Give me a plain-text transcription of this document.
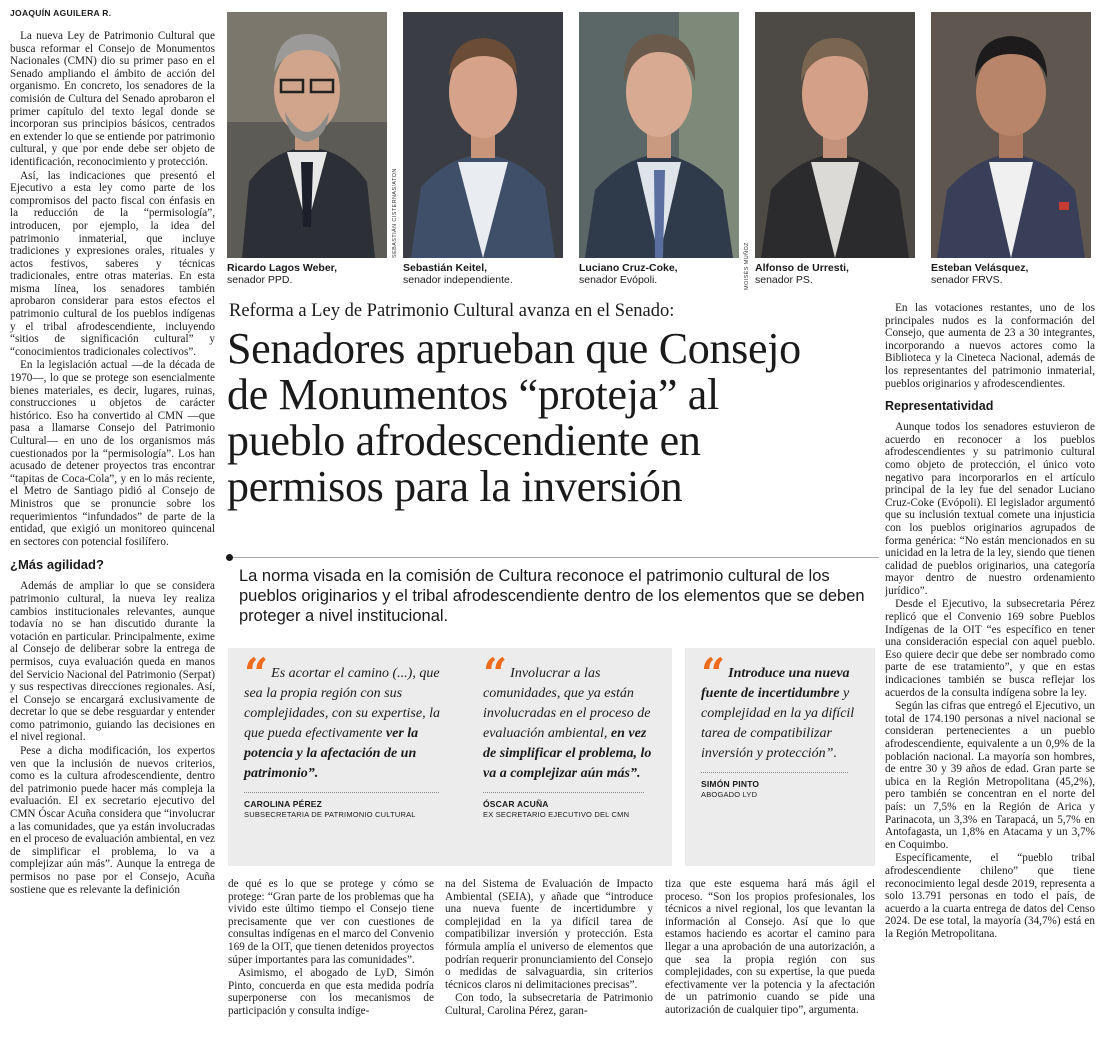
JOAQUÍN AGUILERA R.

La nueva Ley de Patrimonio Cultural que busca reformar el Consejo de Monumentos Nacionales (CMN) dio su primer paso en el Senado ampliando el ámbito de acción del organismo. En concreto, los senadores de la comisión de Cultura del Senado aprobaron el primer capítulo del texto legal donde se incorporan sus principios básicos, centrados en extender lo que se entiende por patrimonio cultural, y que por ende debe ser objeto de identificación, reconocimiento y protección.

Así, las indicaciones que presentó el Ejecutivo a esta ley como parte de los compromisos del pacto fiscal con énfasis en la reducción de la “permisología”, introducen, por ejemplo, la idea del patrimonio inmaterial, que incluye tradiciones y expresiones orales, rituales y actos festivos, saberes y técnicas tradicionales, entre otras materias. En esta misma línea, los senadores también aprobaron considerar para estos efectos el patrimonio cultural de los pueblos indígenas y el tribal afrodescendiente, incluyendo “sitios de significación cultural” y “conocimientos tradicionales colectivos”.

En la legislación actual —de la década de 1970—, lo que se protege son esencialmente bienes materiales, es decir, lugares, ruinas, construcciones u objetos de carácter histórico. Eso ha convertido al CMN —que pasa a llamarse Consejo del Patrimonio Cultural— en uno de los organismos más cuestionados por la “permisología”. Los han acusado de detener proyectos tras encontrar “tapitas de Coca-Cola”, y en lo más reciente, el Metro de Santiago pidió al Consejo de Ministros que se pronuncie sobre los requerimientos “infundados” de parte de la entidad, que exigió un monitoreo quincenal en sectores con potencial fosilífero.

¿Más agilidad?

Además de ampliar lo que se considera patrimonio cultural, la nueva ley realiza cambios institucionales relevantes, aunque todavía no se han discutido durante la votación en particular. Principalmente, exime al Consejo de deliberar sobre la entrega de permisos, cuya evaluación queda en manos del Servicio Nacional del Patrimonio (Serpat) y sus respectivas direcciones regionales. Así, el Consejo se encargará exclusivamente de decretar lo que se debe resguardar y entender como patrimonio, guiando las decisiones en el nivel regional.

Pese a dicha modificación, los expertos ven que la inclusión de nuevos criterios, como es la cultura afrodescendiente, dentro del patrimonio puede hacer más compleja la evaluación. El ex secretario ejecutivo del CMN Óscar Acuña considera que “involucrar a las comunidades, que ya están involucradas en el proceso de evaluación ambiental, en vez de simplificar el problema, lo va a complejizar aún más”. Aunque la entrega de permisos no pase por el Consejo, Acuña sostiene que es relevante la definición

SEBASTIÁN CISTERNAS/ATON
MOISÉS MUÑOZ
Ricardo Lagos Weber,
senador PPD.
Sebastián Keitel,
senador independiente.
Luciano Cruz-Coke,
senador Evópoli.
Alfonso de Urresti,
senador PS.
Esteban Velásquez,
senador FRVS.
Reforma a Ley de Patrimonio Cultural avanza en el Senado:
Senadores aprueban que Consejo
de Monumentos “proteja” al
pueblo afrodescendiente en
permisos para la inversión
La norma visada en la comisión de Cultura reconoce el patrimonio cultural de los pueblos originarios y el tribal afrodescendiente dentro de los elementos que se deben proteger a nivel institucional.
“ Es acortar el camino (...), que sea la propia región con sus complejidades, con su expertise, la que pueda efectivamente ver la potencia y la afectación de un patrimonio”.
CAROLINA PÉREZ
SUBSECRETARIA DE PATRIMONIO CULTURAL
“ Involucrar a las comunidades, que ya están involucradas en el proceso de evaluación ambiental, en vez de simplificar el problema, lo va a complejizar aún más”.
ÓSCAR ACUÑA
EX SECRETARIO EJECUTIVO DEL CMN
“ Introduce una nueva fuente de incertidumbre y complejidad en la ya difícil tarea de compatibilizar inversión y protección”.
SIMÓN PINTO
ABOGADO LYD

de qué es lo que se protege y cómo se protege: “Gran parte de los problemas que ha vivido este último tiempo el Consejo tiene precisamente que ver con cuestiones de consultas indígenas en el marco del Convenio 169 de la OIT, que tienen detenidos proyectos súper importantes para las comunidades”.

Asimismo, el abogado de LyD, Simón Pinto, concuerda en que esta medida podría superponerse con los mecanismos de participación y consulta indíge-

na del Sistema de Evaluación de Impacto Ambiental (SEIA), y añade que “introduce una nueva fuente de incertidumbre y complejidad en la ya difícil tarea de compatibilizar inversión y protección. Esta fórmula amplía el universo de elementos que podrían requerir pronunciamiento del Consejo o medidas de salvaguardia, sin criterios técnicos claros ni delimitaciones precisas”.

Con todo, la subsecretaria de Patrimonio Cultural, Carolina Pérez, garan-

tiza que este esquema hará más ágil el proceso. “Son los propios profesionales, los técnicos a nivel regional, los que levantan la información al Consejo. Así que lo que estamos haciendo es acortar el camino para llegar a una aprobación de una autorización, a que sea la propia región con sus complejidades, con su expertise, la que pueda efectivamente ver la potencia y la afectación de un patrimonio cuando se pide una autorización de cualquier tipo”, argumenta.

En las votaciones restantes, uno de los principales nudos es la conformación del Consejo, que aumenta de 23 a 30 integrantes, incorporando a nuevos actores como la Biblioteca y la Cineteca Nacional, además de los representantes del patrimonio inmaterial, pueblos originarios y afrodescendientes.

Representatividad

Aunque todos los senadores estuvieron de acuerdo en reconocer a los pueblos afrodescendientes y su patrimonio cultural como objeto de protección, el único voto negativo para incorporarlos en el artículo principal de la ley fue del senador Luciano Cruz-Coke (Evópoli). El legislador argumentó que su inclusión textual comete una injusticia con los pueblos originarios agrupados de forma genérica: “No están mencionados en su unicidad en la letra de la ley, siendo que tienen calidad de pueblos originarios, una categoría mayor dentro de nuestro ordenamiento jurídico”.

Desde el Ejecutivo, la subsecretaria Pérez replicó que el Convenio 169 sobre Pueblos Indígenas de la OIT “es específico en tener una consideración especial con aquel pueblo. Eso quiere decir que debe ser nombrado como parte de ese tratamiento”, y que en estas indicaciones también se busca reflejar los acuerdos de la consulta indígena sobre la ley.

Según las cifras que entregó el Ejecutivo, un total de 174.190 personas a nivel nacional se consideran pertenecientes a un pueblo afrodescendiente, equivalente a un 0,9% de la población nacional. La mayoría son hombres, de entre 30 y 39 años de edad. Gran parte se ubica en la Región Metropolitana (45,2%), pero también se concentran en el norte del país: un 7,5% en la Región de Arica y Parinacota, un 3,3% en Tarapacá, un 5,7% en Antofagasta, un 1,8% en Atacama y un 3,7% en Coquimbo.

Específicamente, el “pueblo tribal afrodescendiente chileno” que tiene reconocimiento legal desde 2019, representa a solo 13.791 personas en todo el país, de acuerdo a la cuarta entrega de datos del Censo 2024. De ese total, la mayoría (34,7%) está en la Región Metropolitana.
